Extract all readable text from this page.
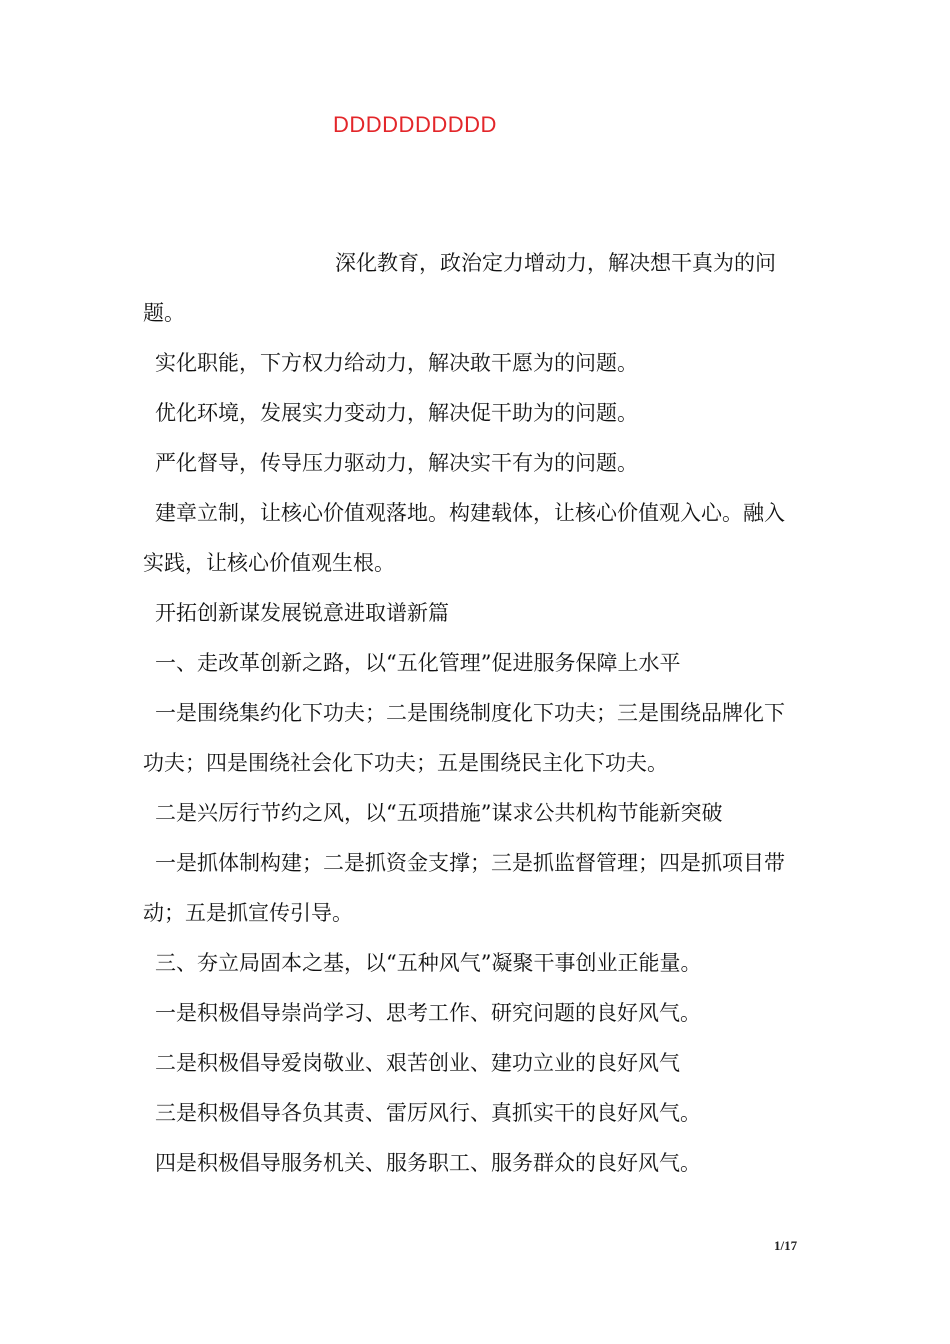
DDDDDDDDDD

深化教育，政治定力增动力，解决想干真为的问题。

实化职能，下方权力给动力，解决敢干愿为的问题。

优化环境，发展实力变动力，解决促干助为的问题。

严化督导，传导压力驱动力，解决实干有为的问题。

建章立制，让核心价值观落地。构建载体，让核心价值观入心。融入实践，让核心价值观生根。

开拓创新谋发展锐意进取谱新篇

一、走改革创新之路，以“五化管理”促进服务保障上水平

一是围绕集约化下功夫；二是围绕制度化下功夫；三是围绕品牌化下功夫；四是围绕社会化下功夫；五是围绕民主化下功夫。

二是兴厉行节约之风，以“五项措施”谋求公共机构节能新突破

一是抓体制构建；二是抓资金支撑；三是抓监督管理；四是抓项目带动；五是抓宣传引导。

三、夯立局固本之基，以“五种风气”凝聚干事创业正能量。

一是积极倡导崇尚学习、思考工作、研究问题的良好风气。

二是积极倡导爱岗敬业、艰苦创业、建功立业的良好风气

三是积极倡导各负其责、雷厉风行、真抓实干的良好风气。

四是积极倡导服务机关、服务职工、服务群众的良好风气。

1/17
